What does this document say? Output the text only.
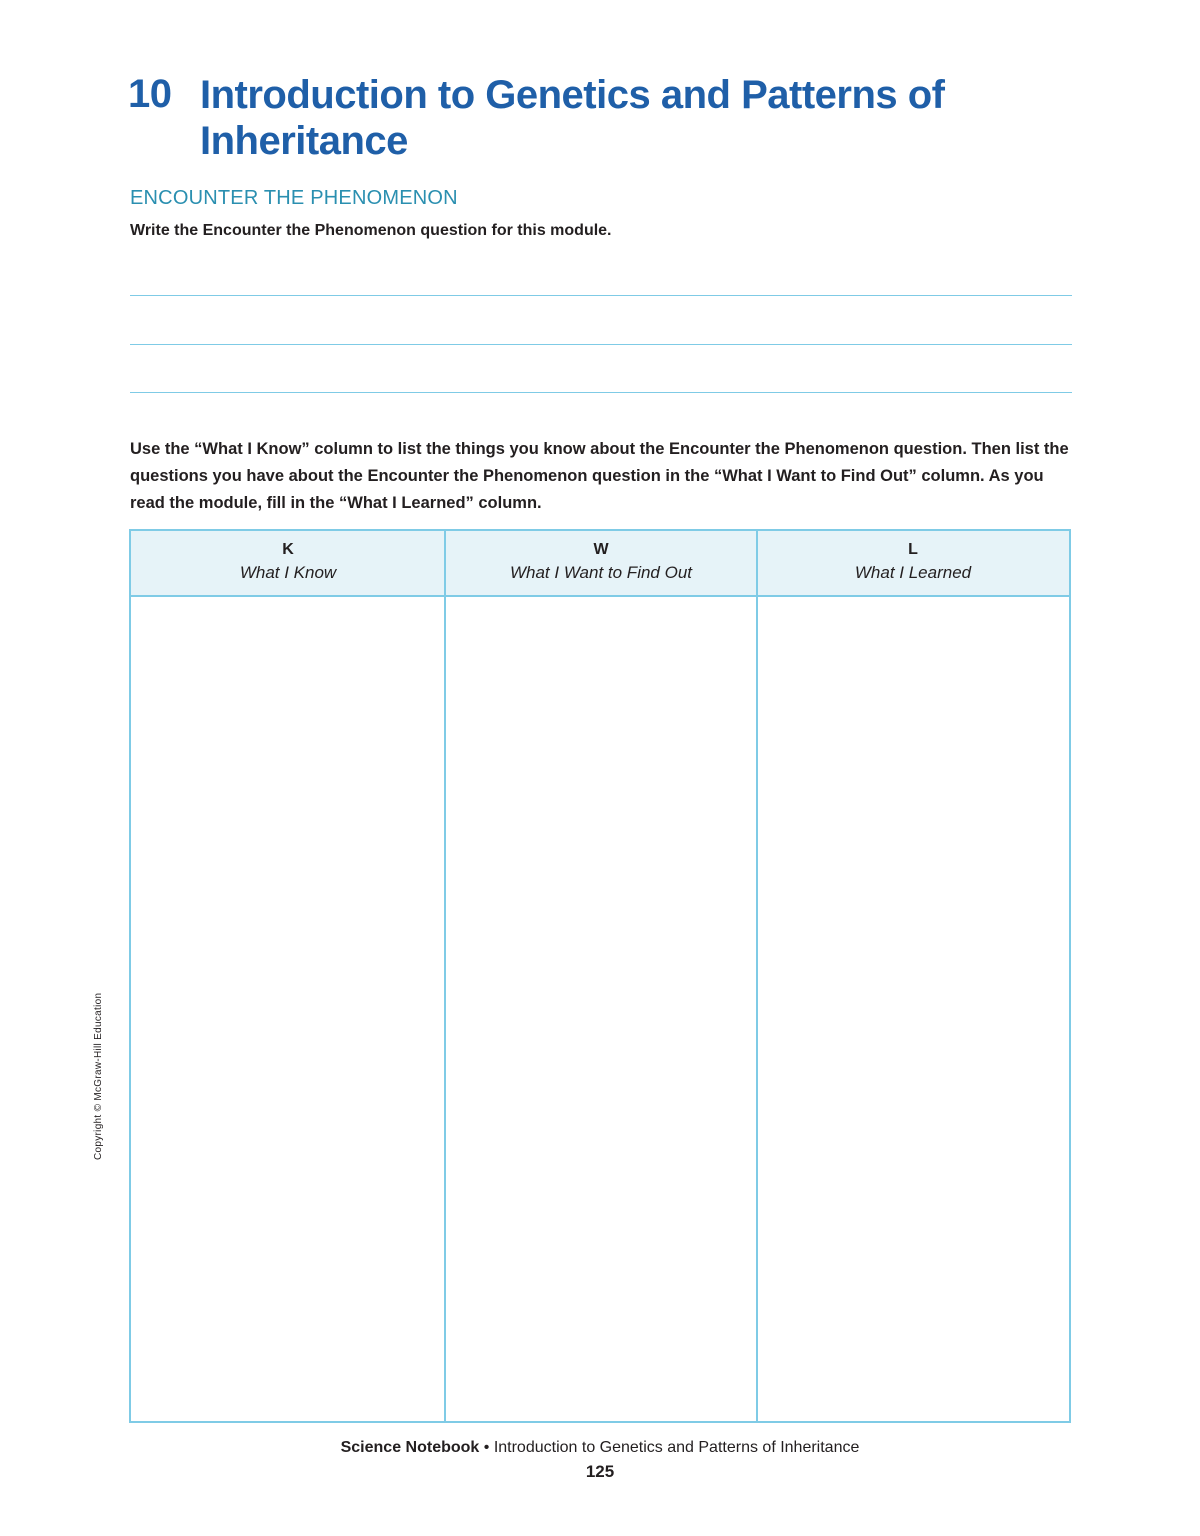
10 Introduction to Genetics and Patterns of Inheritance
ENCOUNTER THE PHENOMENON
Write the Encounter the Phenomenon question for this module.
Use the “What I Know” column to list the things you know about the Encounter the Phenomenon question. Then list the questions you have about the Encounter the Phenomenon question in the “What I Want to Find Out” column. As you read the module, fill in the “What I Learned” column.
K
What I Know
W
What I Want to Find Out
L
What I Learned
Copyright © McGraw-Hill Education
Science Notebook • Introduction to Genetics and Patterns of Inheritance
125
